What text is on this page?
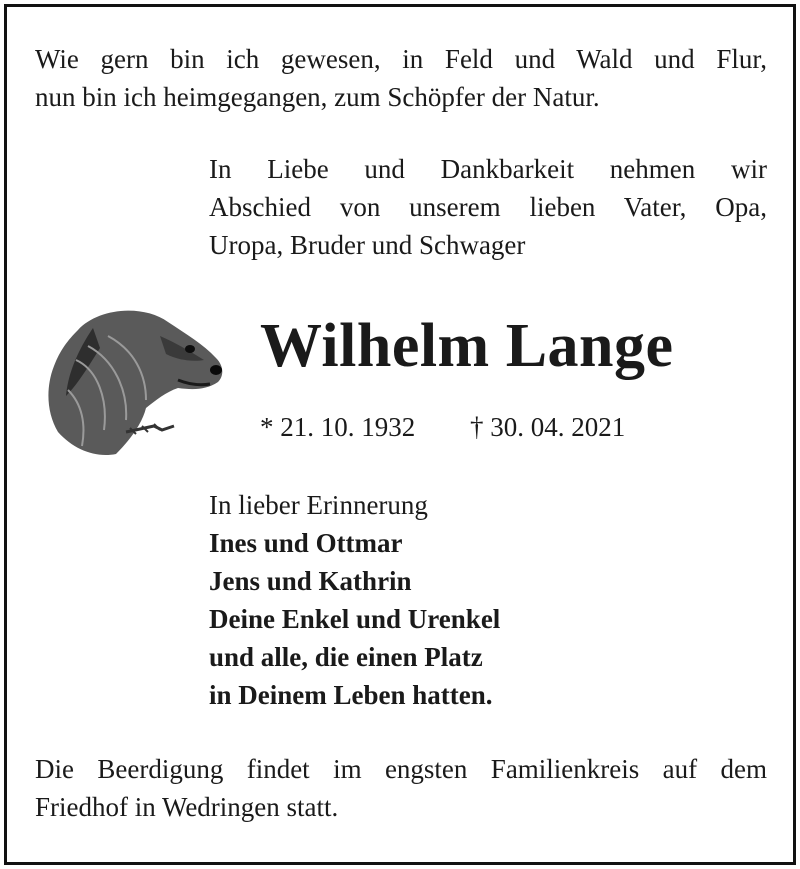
Wie gern bin ich gewesen, in Feld und Wald und Flur,
nun bin ich heimgegangen, zum Schöpfer der Natur.
In Liebe und Dankbarkeit nehmen wir
Abschied von unserem lieben Vater, Opa,
Uropa, Bruder und Schwager
Wilhelm Lange
* 21. 10. 1932 † 30. 04. 2021
In lieber Erinnerung
Ines und Ottmar
Jens und Kathrin
Deine Enkel und Urenkel
und alle, die einen Platz
in Deinem Leben hatten.
Die Beerdigung findet im engsten Familienkreis auf dem
Friedhof in Wedringen statt.
